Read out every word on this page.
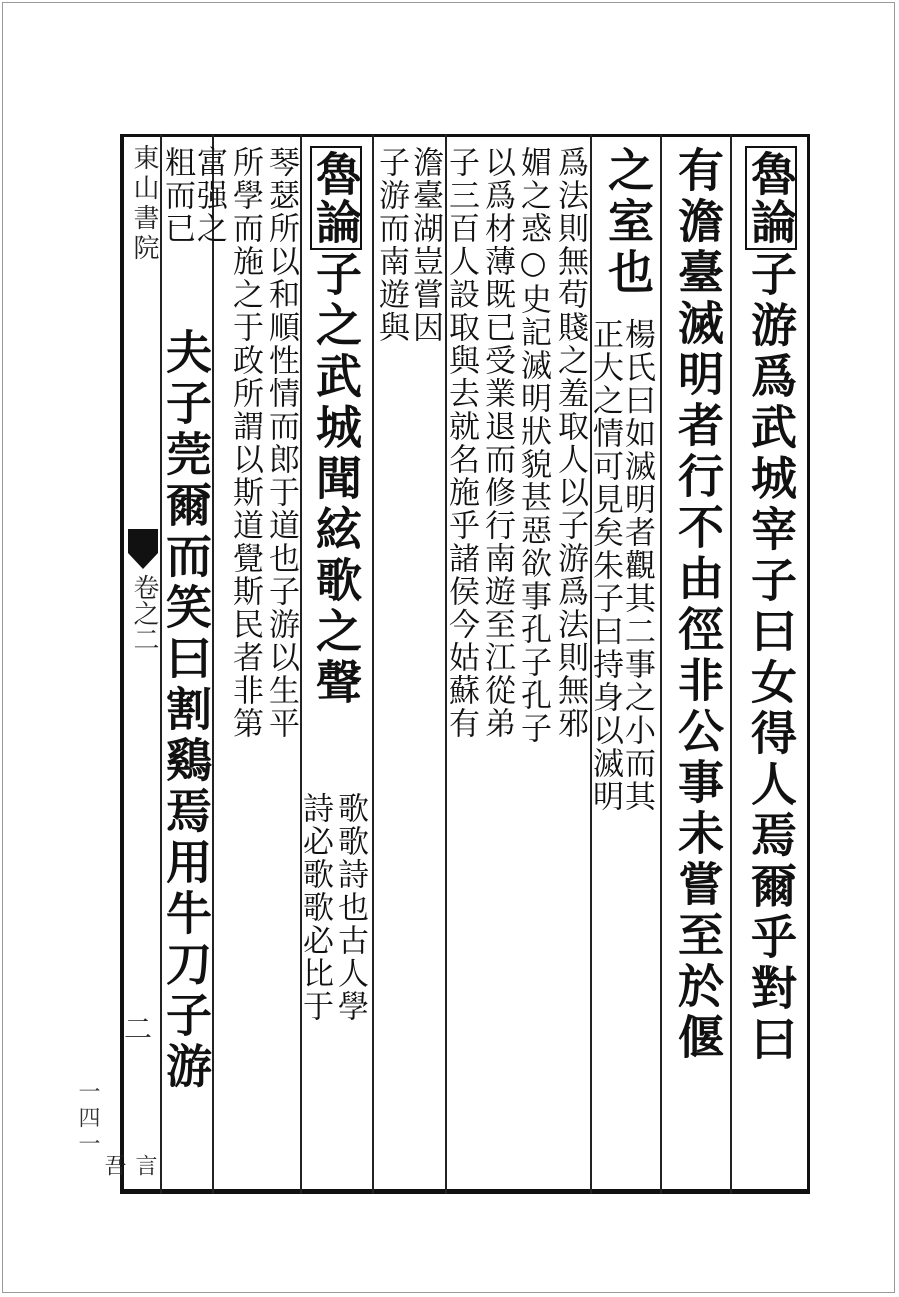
東山書院
卷之二
二
言吾
魯論子游爲武城宰子曰女得人焉爾乎對曰
有澹臺滅明者行不由徑非公事未嘗至於偃
之室也
楊氏曰如滅明者觀其二事之小而其
正大之情可見矣朱子曰持身以滅明
爲法則無苟賤之羞取人以子游爲法則無邪
媚之惑○史記滅明狀貌甚惡欲事孔子孔子
以爲材薄既已受業退而修行南遊至江從弟
子三百人設取與去就名施乎諸侯今姑蘇有
澹臺湖豈嘗因
子游而南遊與
魯論子之武城聞絃歌之聲
歌歌詩也古人學
詩必歌歌必比于
琴瑟所以和順性情而郎于道也子游以生平
所學而施之于政所謂以斯道覺斯民者非第
富强之
粗而已
夫子莞爾而笑曰割鷄焉用牛刀子游
一四一
